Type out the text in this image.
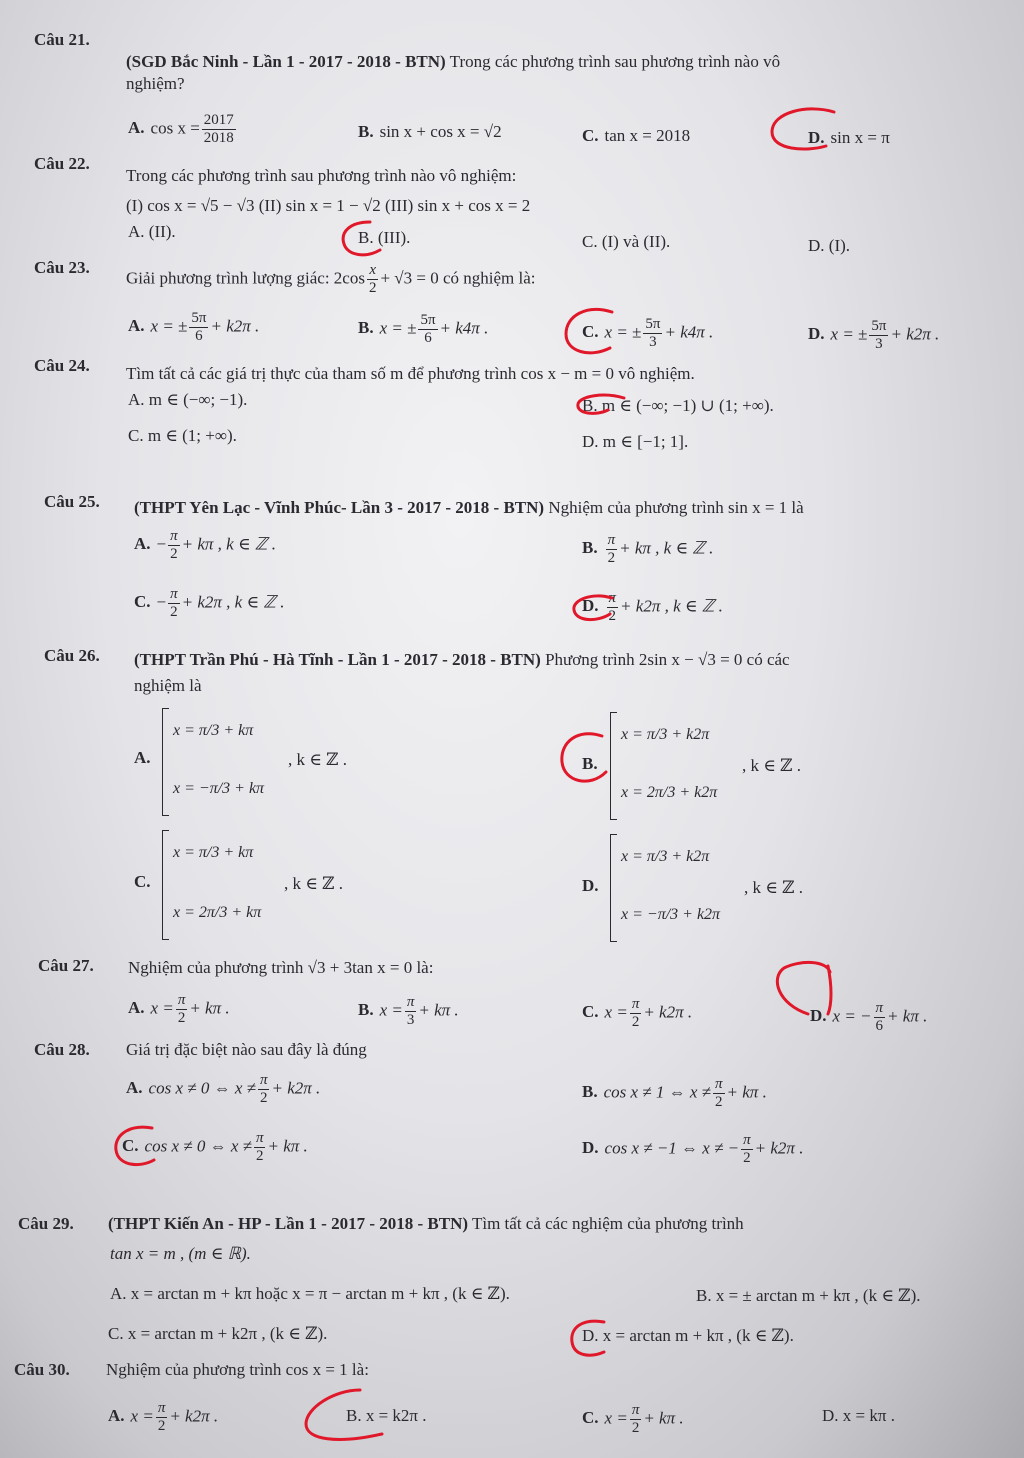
Câu 21.
(SGD Bắc Ninh - Lần 1 - 2017 - 2018 - BTN) Trong các phương trình sau phương trình nào vô
nghiệm?
A. $\cos x = \frac{2017}{2018}$	B. sin x + cos x = √2	C. tan x = 2018	D. sin x = π
Câu 22.
Trong các phương trình sau phương trình nào vô nghiệm:
(I) cos x = √5 − √3 (II) sin x = 1 − √2 (III) sin x + cos x = 2
A. (II).	B. (III).	C. (I) và (II).	D. (I).
Câu 23.
Giải phương trình lượng giác: $2\cos \frac{x}{2} + √3 = 0$ có nghiệm là:
A. x = ± $\frac{5\pi}{6} + k2\pi$ .	B. x = ± $\frac{5\pi}{6} + k4\pi$ .	C. x = ± $\frac{5\pi}{3} + k4\pi$ .	D. x = ± $\frac{5\pi}{3} + k2\pi$ .
Câu 24. Tìm tất cả các giá trị thực của tham số m để phương trình cos x − m = 0 vô nghiệm.
A. m ∈ (−∞; −1).	B. m ∈ (−∞; −1) ∪ (1; +∞).
C. m ∈ (1; +∞).	D. m ∈ [−1; 1].
Câu 25. (THPT Yên Lạc - Vĩnh Phúc- Lần 3 - 2017 - 2018 - BTN) Nghiệm của phương trình sin x = 1 là
A. − $\frac{\pi}{2} + k\pi$ , k ∈ ℤ .	B. $\frac{\pi}{2} + k\pi$ , k ∈ ℤ .
C. − $\frac{\pi}{2} + k2\pi$ , k ∈ ℤ .	D. $\frac{\pi}{2} + k2\pi$ , k ∈ ℤ .
Câu 26. (THPT Trần Phú - Hà Tĩnh - Lần 1 - 2017 - 2018 - BTN) Phương trình 2sin x − √3 = 0 có các
nghiệm là
A.
x = π/3 + kπ
x = −π/3 + kπ
, k ∈ ℤ .	B.
x = π/3 + k2π
x = 2π/3 + k2π
, k ∈ ℤ .
C.
x = π/3 + kπ
x = 2π/3 + kπ
, k ∈ ℤ .	D.
x = π/3 + k2π
x = −π/3 + k2π
, k ∈ ℤ .
Câu 27. Nghiệm của phương trình √3 + 3tan x = 0 là:
A. $x = \frac{\pi}{2} + k\pi$ .	B. $x = \frac{\pi}{3} + k\pi$ .	C. $x = \frac{\pi}{2} + k2\pi$ .	D. x = − $\frac{\pi}{6} + k\pi$ .
Câu 28. Giá trị đặc biệt nào sau đây là đúng
A. cos x ≠ 0 ⇔ $x \ne \frac{\pi}{2} + k2\pi$ .	B. cos x ≠ 1 ⇔ $x \ne \frac{\pi}{2} + k\pi$ .
C. cos x ≠ 0 ⇔ $x \ne \frac{\pi}{2} + k\pi$ .	D. cos x ≠ −1 ⇔ x ≠ − $\frac{\pi}{2} + k2\pi$ .
Câu 29. (THPT Kiến An - HP - Lần 1 - 2017 - 2018 - BTN) Tìm tất cả các nghiệm của phương trình
tan x = m , (m ∈ ℝ).
A. x = arctan m + kπ hoặc x = π − arctan m + kπ , (k ∈ ℤ).	B. x = ± arctan m + kπ , (k ∈ ℤ).
C. x = arctan m + k2π , (k ∈ ℤ).	D. x = arctan m + kπ , (k ∈ ℤ).
Câu 30. Nghiệm của phương trình cos x = 1 là:
A. $x = \frac{\pi}{2} + k2\pi$ .	B. x = k2π .	C. $x = \frac{\pi}{2} + k\pi$ .	D. x = kπ .
